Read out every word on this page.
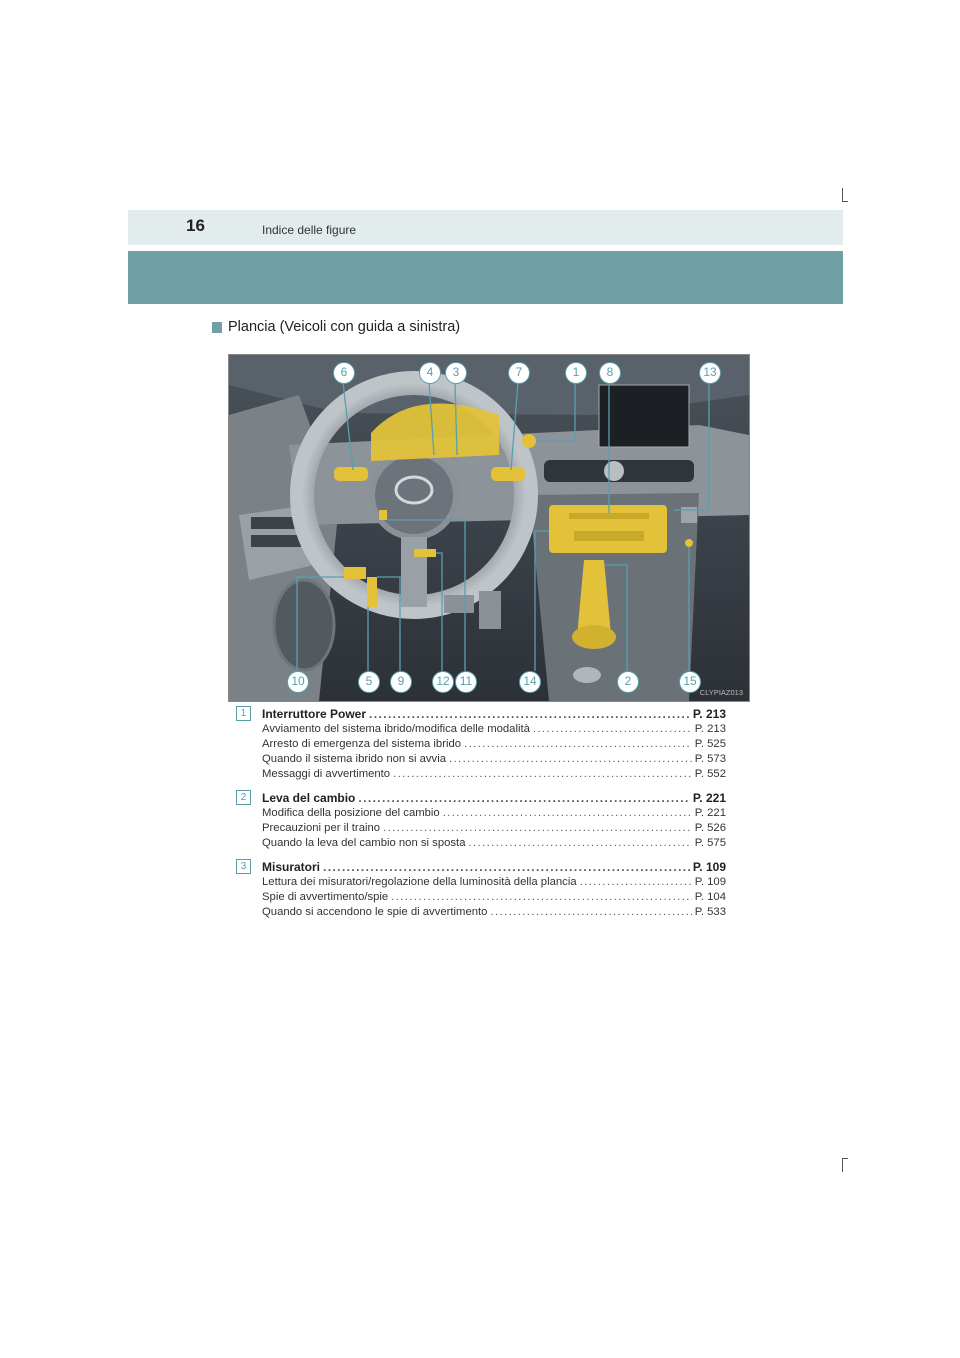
16	Indice delle figure
Plancia (Veicoli con guida a sinistra)
6	4	3	7	1	8	13
10	5	9	12 11	14	2	15
CLYPIAZ013
1	Interruttore Power .....	P. 213
Avviamento del sistema ibrido/modifica delle modalità .....	P. 213
Arresto di emergenza del sistema ibrido .....	P. 525
Quando il sistema ibrido non si avvia .....	P. 573
Messaggi di avvertimento .....	P. 552
2	Leva del cambio .....	P. 221
Modifica della posizione del cambio .....	P. 221
Precauzioni per il traino .....	P. 526
Quando la leva del cambio non si sposta .....	P. 575
3	Misuratori .....	P. 109
Lettura dei misuratori/regolazione della luminosità della plancia .....	P. 109
Spie di avvertimento/spie .....	P. 104
Quando si accendono le spie di avvertimento .....	P. 533
